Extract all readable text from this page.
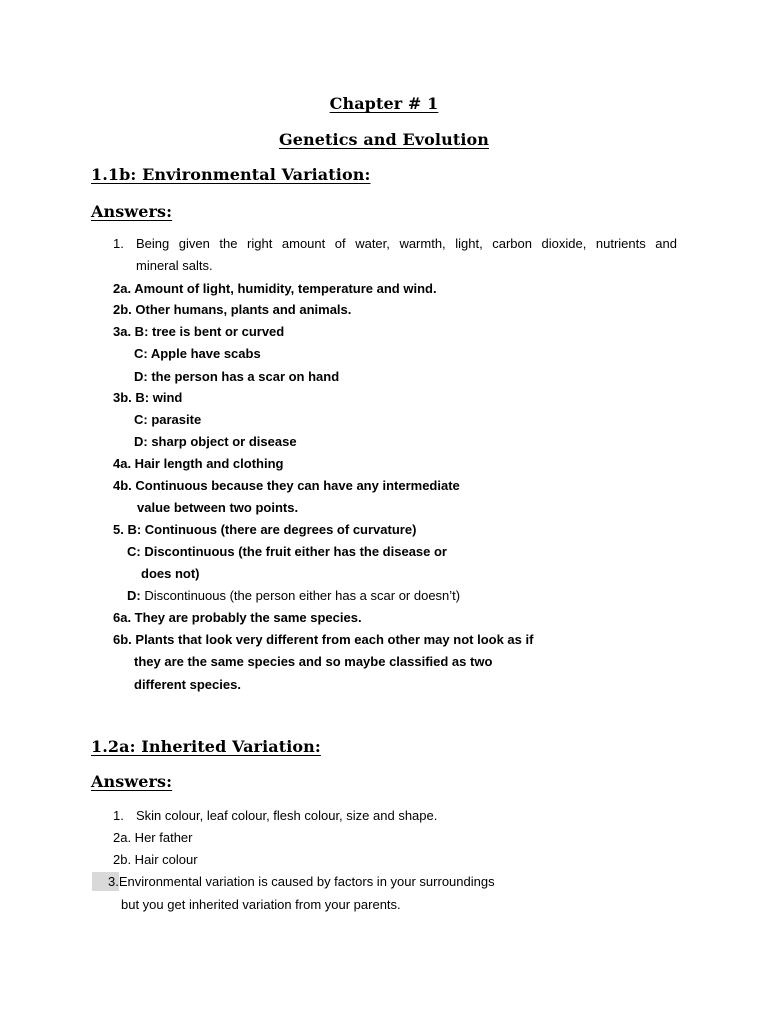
Chapter # 1
Genetics and Evolution
1.1b: Environmental Variation:
Answers:
1. Being given the right amount of water, warmth, light, carbon dioxide, nutrients and
mineral salts.
2a. Amount of light, humidity, temperature and wind.
2b. Other humans, plants and animals.
3a. B: tree is bent or curved
C: Apple have scabs
D: the person has a scar on hand
3b. B: wind
C: parasite
D: sharp object or disease
4a. Hair length and clothing
4b. Continuous because they can have any intermediate
value between two points.
5. B: Continuous (there are degrees of curvature)
C: Discontinuous (the fruit either has the disease or
does not)
D: Discontinuous (the person either has a scar or doesn’t)
6a. They are probably the same species.
6b. Plants that look very different from each other may not look as if
they are the same species and so maybe classified as two
different species.
1.2a: Inherited Variation:
Answers:
1. Skin colour, leaf colour, flesh colour, size and shape.
2a. Her father
2b. Hair colour
3.Environmental variation is caused by factors in your surroundings
but you get inherited variation from your parents.
